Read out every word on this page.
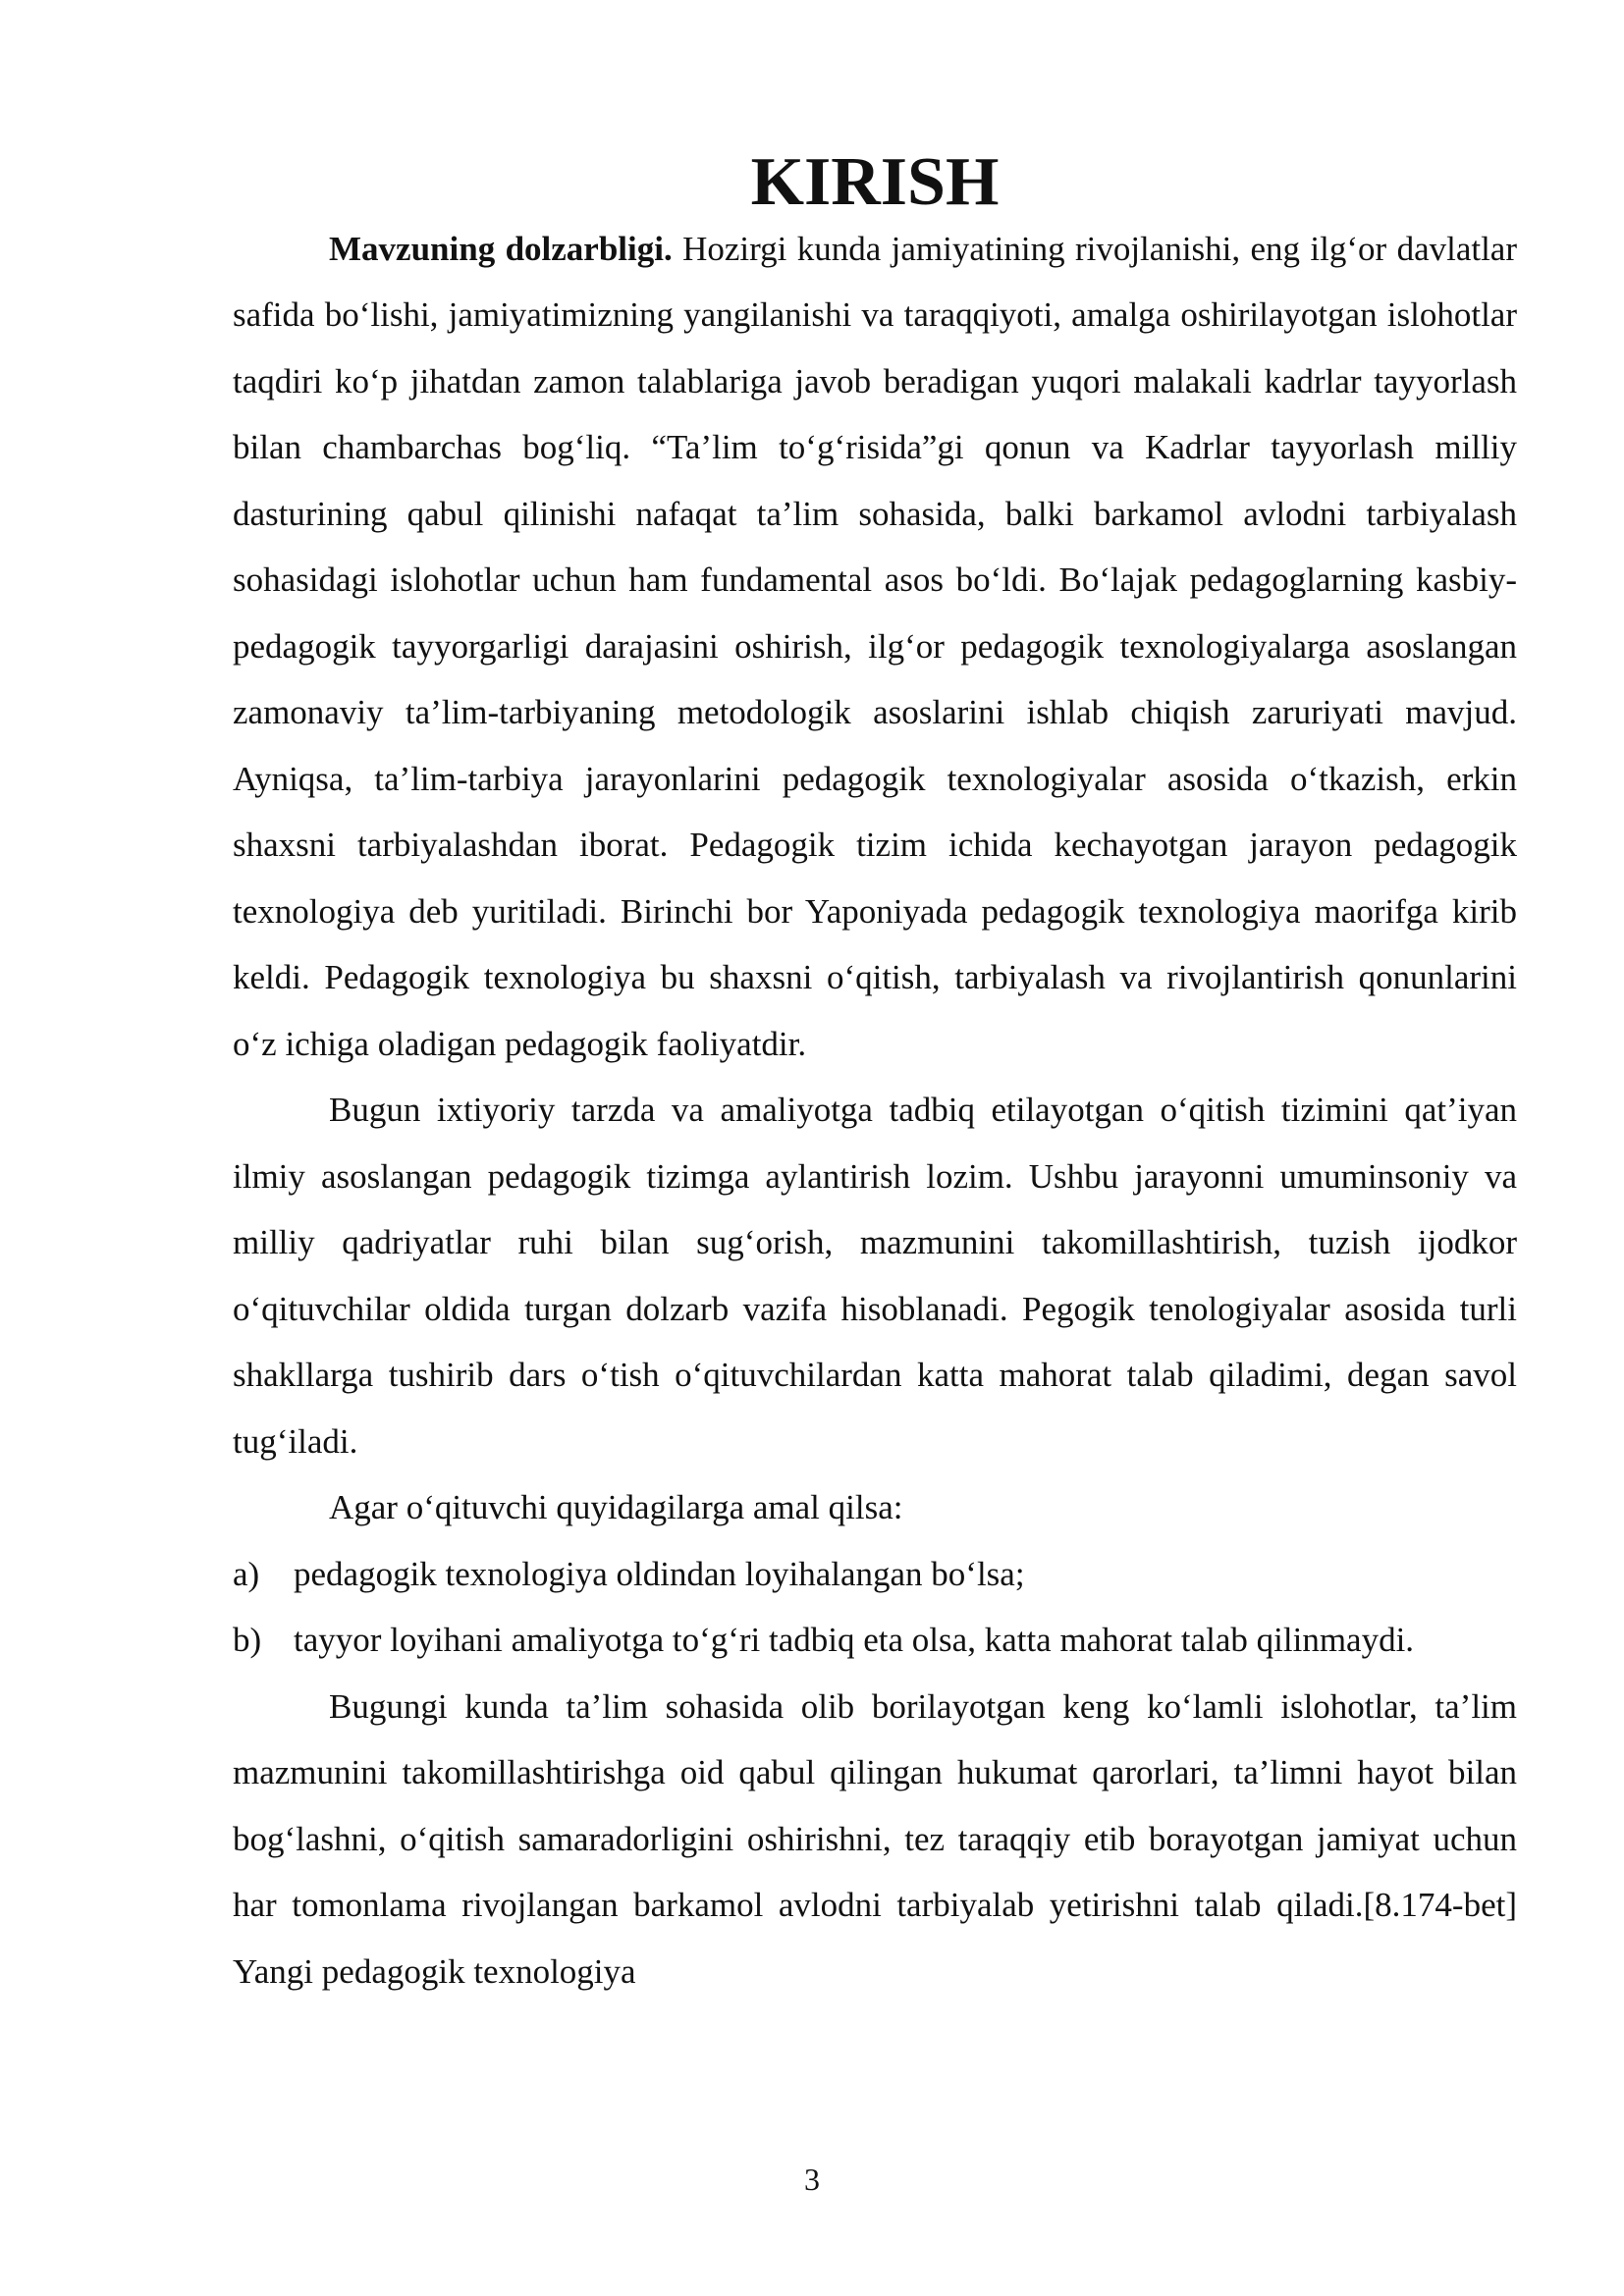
KIRISH

Mavzuning dolzarbligi. Hozirgi kunda jamiyatining rivojlanishi, eng ilg‘or davlatlar safida bo‘lishi, jamiyatimizning yangilanishi va taraqqiyoti, amalga oshirilayotgan islohotlar taqdiri ko‘p jihatdan zamon talablariga javob beradigan yuqori malakali kadrlar tayyorlash bilan chambarchas bog‘liq. “Ta’lim to‘g‘risida”gi qonun va Kadrlar tayyorlash milliy dasturining qabul qilinishi nafaqat ta’lim sohasida, balki barkamol avlodni tarbiyalash sohasidagi islohotlar uchun ham fundamental asos bo‘ldi. Bo‘lajak pedagoglarning kasbiy-pedagogik tayyorgarligi darajasini oshirish, ilg‘or pedagogik texnologiyalarga asoslangan zamonaviy ta’lim-tarbiyaning metodologik asoslarini ishlab chiqish zaruriyati mavjud. Ayniqsa, ta’lim-tarbiya jarayonlarini pedagogik texnologiyalar asosida o‘tkazish, erkin shaxsni tarbiyalashdan iborat. Pedagogik tizim ichida kechayotgan jarayon pedagogik texnologiya deb yuritiladi. Birinchi bor Yaponiyada pedagogik texnologiya maorifga kirib keldi. Pedagogik texnologiya bu shaxsni o‘qitish, tarbiyalash va rivojlantirish qonunlarini o‘z ichiga oladigan pedagogik faoliyatdir.

Bugun ixtiyoriy tarzda va amaliyotga tadbiq etilayotgan o‘qitish tizimini qat’iyan ilmiy asoslangan pedagogik tizimga aylantirish lozim. Ushbu jarayonni umuminsoniy va milliy qadriyatlar ruhi bilan sug‘orish, mazmunini takomillashtirish, tuzish ijodkor o‘qituvchilar oldida turgan dolzarb vazifa hisoblanadi. Pegogik tenologiyalar asosida turli shakllarga tushirib dars o‘tish o‘qituvchilardan katta mahorat talab qiladimi, degan savol tug‘iladi.

Agar o‘qituvchi quyidagilarga amal qilsa:

a) pedagogik texnologiya oldindan loyihalangan bo‘lsa;

b) tayyor loyihani amaliyotga to‘g‘ri tadbiq eta olsa, katta mahorat talab qilinmaydi.

Bugungi kunda ta’lim sohasida olib borilayotgan keng ko‘lamli islohotlar, ta’lim mazmunini takomillashtirishga oid qabul qilingan hukumat qarorlari, ta’limni hayot bilan bog‘lashni, o‘qitish samaradorligini oshirishni, tez taraqqiy etib borayotgan jamiyat uchun har tomonlama rivojlangan barkamol avlodni tarbiyalab yetirishni talab qiladi.[8.174-bet] Yangi pedagogik texnologiya

3
